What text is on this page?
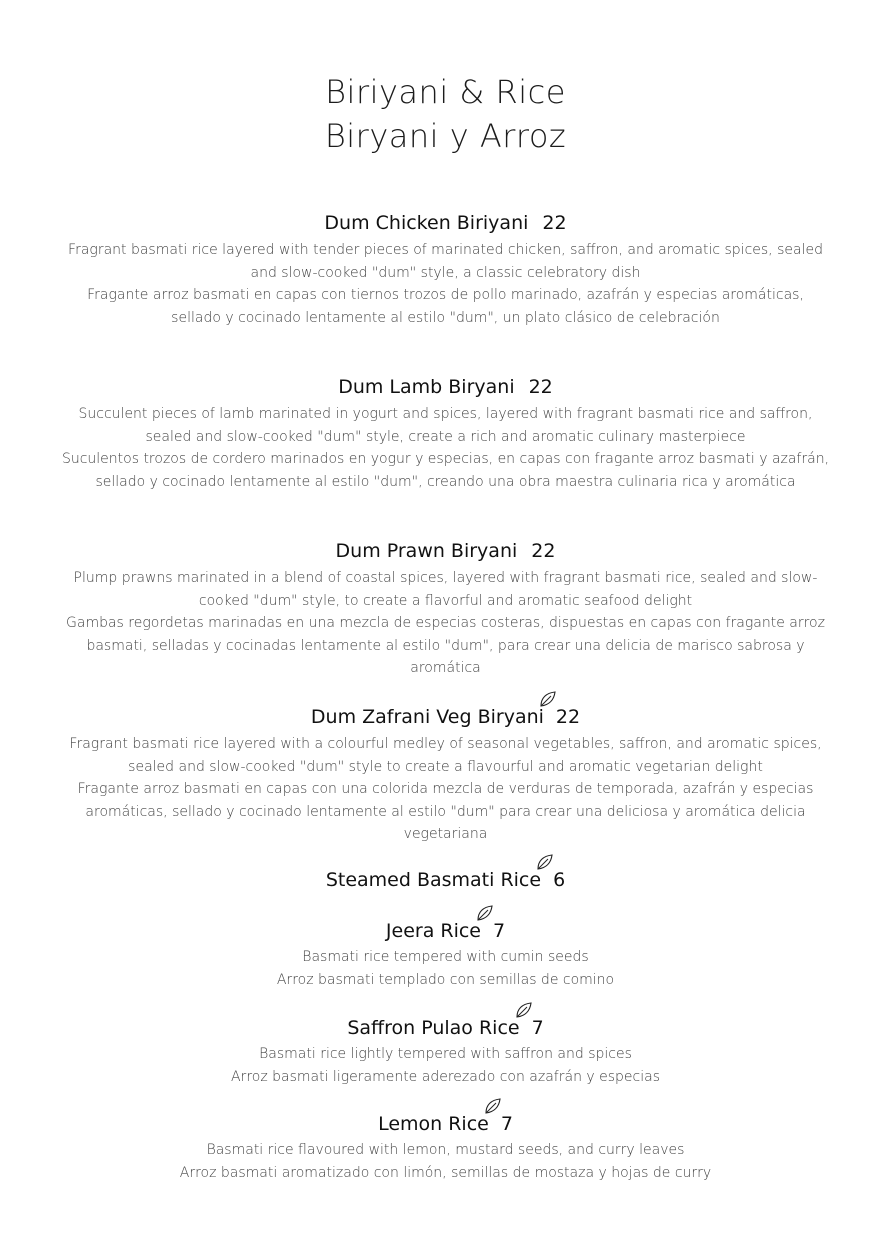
Biriyani & Rice
Biryani y Arroz
Dum Chicken Biriyani 22
Fragrant basmati rice layered with tender pieces of marinated chicken, saffron, and aromatic spices, sealed and slow-cooked "dum" style, a classic celebratory dish
Fragante arroz basmati en capas con tiernos trozos de pollo marinado, azafrán y especias aromáticas, sellado y cocinado lentamente al estilo "dum", un plato clásico de celebración
Dum Lamb Biryani 22
Succulent pieces of lamb marinated in yogurt and spices, layered with fragrant basmati rice and saffron, sealed and slow-cooked "dum" style, create a rich and aromatic culinary masterpiece
Suculentos trozos de cordero marinados en yogur y especias, en capas con fragante arroz basmati y azafrán, sellado y cocinado lentamente al estilo "dum", creando una obra maestra culinaria rica y aromática
Dum Prawn Biryani 22
Plump prawns marinated in a blend of coastal spices, layered with fragrant basmati rice, sealed and slow-cooked "dum" style, to create a flavorful and aromatic seafood delight
Gambas regordetas marinadas en una mezcla de especias costeras, dispuestas en capas con fragante arroz basmati, selladas y cocinadas lentamente al estilo "dum", para crear una delicia de marisco sabrosa y aromática
Dum Zafrani Veg Biryani 22
Fragrant basmati rice layered with a colourful medley of seasonal vegetables, saffron, and aromatic spices, sealed and slow-cooked "dum" style to create a flavourful and aromatic vegetarian delight
Fragante arroz basmati en capas con una colorida mezcla de verduras de temporada, azafrán y especias aromáticas, sellado y cocinado lentamente al estilo "dum" para crear una deliciosa y aromática delicia vegetariana
Steamed Basmati Rice 6
Jeera Rice 7
Basmati rice tempered with cumin seeds
Arroz basmati templado con semillas de comino
Saffron Pulao Rice 7
Basmati rice lightly tempered with saffron and spices
Arroz basmati ligeramente aderezado con azafrán y especias
Lemon Rice 7
Basmati rice flavoured with lemon, mustard seeds, and curry leaves
Arroz basmati aromatizado con limón, semillas de mostaza y hojas de curry
